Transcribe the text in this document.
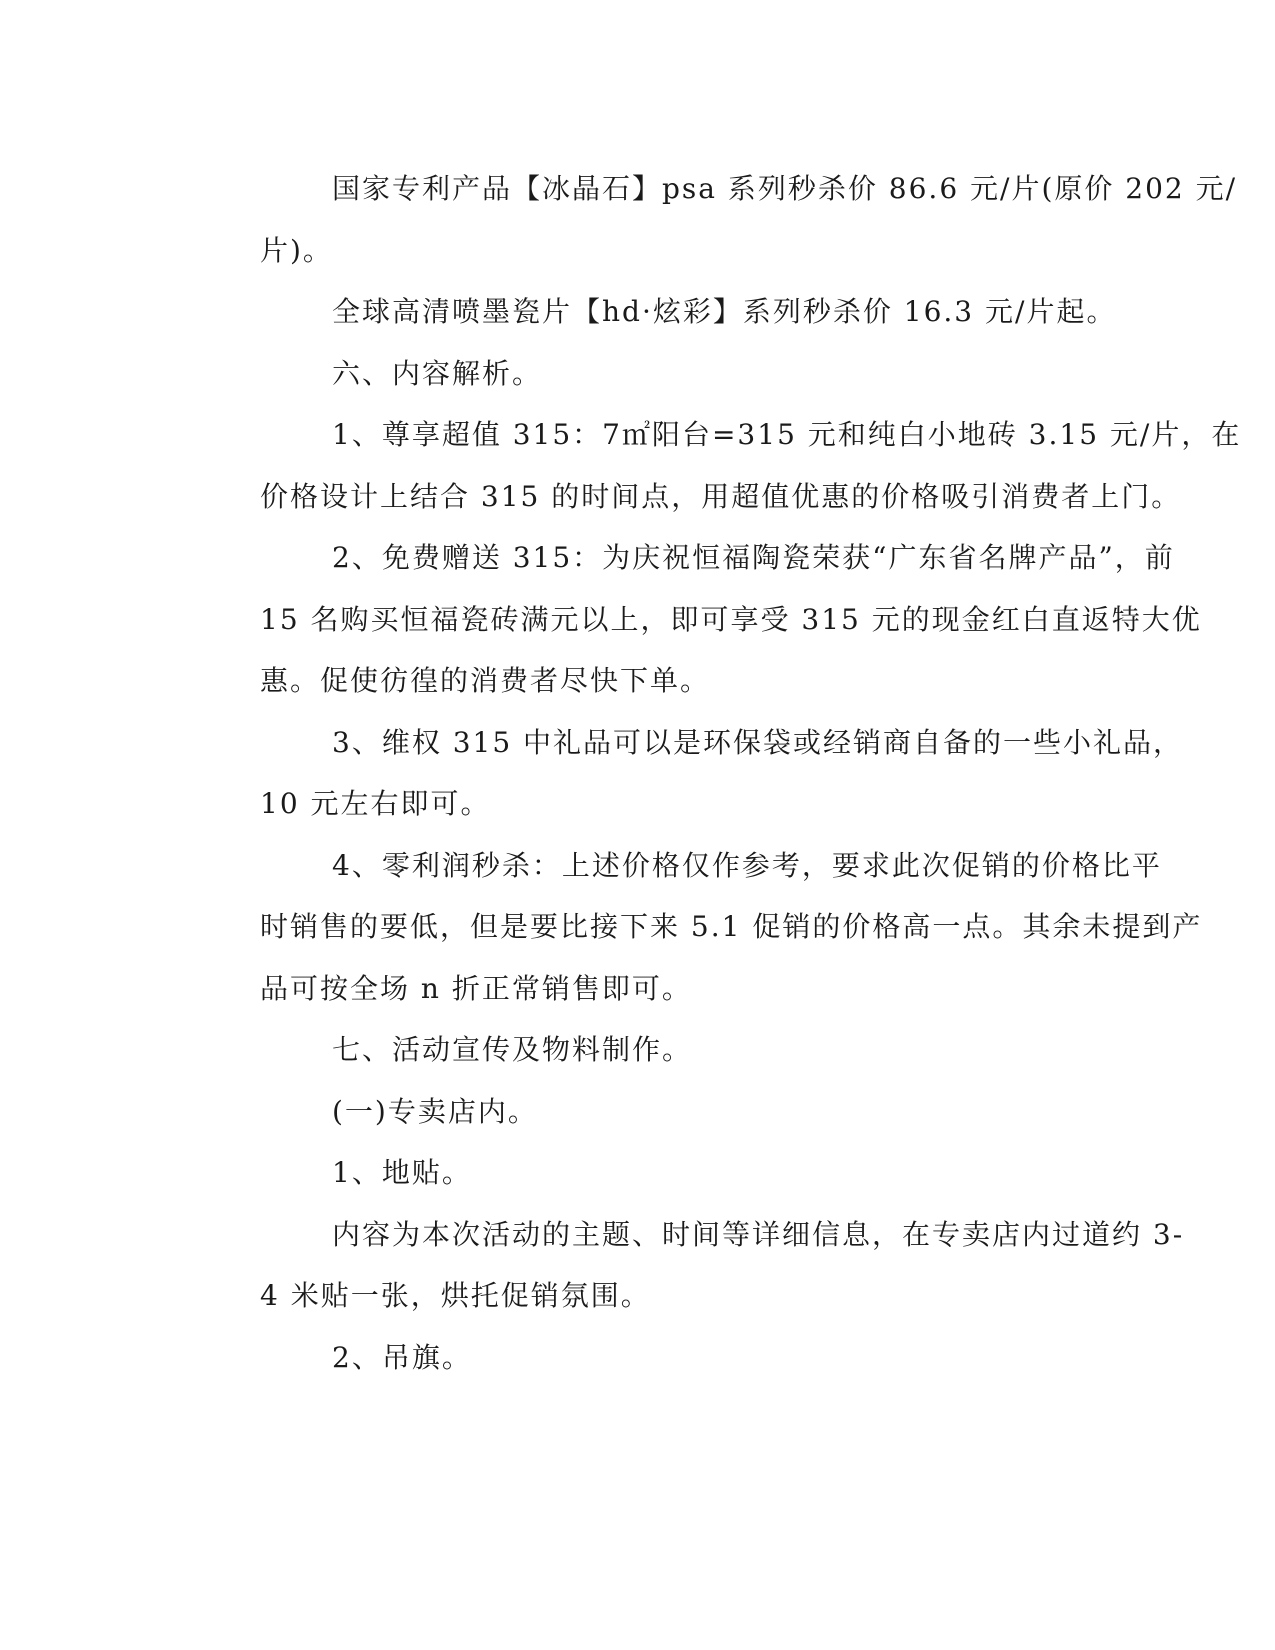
国家专利产品【冰晶石】psa 系列秒杀价 86.6 元/片(原价 202 元/
片)。
全球高清喷墨瓷片【hd·炫彩】系列秒杀价 16.3 元/片起。
六、内容解析。
1、尊享超值 315：7㎡阳台=315 元和纯白小地砖 3.15 元/片，在
价格设计上结合 315 的时间点，用超值优惠的价格吸引消费者上门。
2、免费赠送 315：为庆祝恒福陶瓷荣获“广东省名牌产品”，前
15 名购买恒福瓷砖满元以上，即可享受 315 元的现金红白直返特大优
惠。促使彷徨的消费者尽快下单。
3、维权 315 中礼品可以是环保袋或经销商自备的一些小礼品，
10 元左右即可。
4、零利润秒杀：上述价格仅作参考，要求此次促销的价格比平
时销售的要低，但是要比接下来 5.1 促销的价格高一点。其余未提到产
品可按全场 n 折正常销售即可。
七、活动宣传及物料制作。
(一)专卖店内。
1、地贴。
内容为本次活动的主题、时间等详细信息，在专卖店内过道约 3-
4 米贴一张，烘托促销氛围。
2、吊旗。
